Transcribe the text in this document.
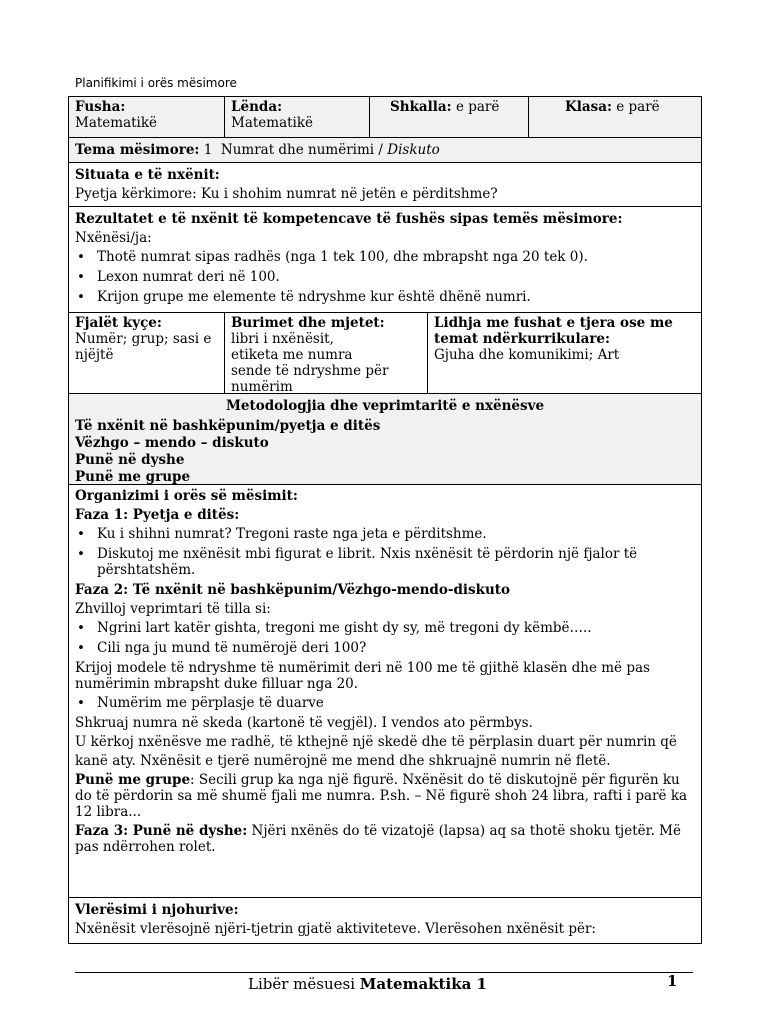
Planifikimi i orës mësimore
Fusha:
Matematikë
Lënda:
Matematikë
Shkalla: e parë	Klasa: e parë

Tema mësimore: 1 Numrat dhe numërimi / Diskuto

Situata e të nxënit:

Pyetja kërkimore: Ku i shohim numrat në jetën e përditshme?

Rezultatet e të nxënit të kompetencave të fushës sipas temës mësimore:

Nxënësi/ja:

• Thotë numrat sipas radhës (nga 1 tek 100, dhe mbrapsht nga 20 tek 0).
• Lexon numrat deri në 100.
• Krijon grupe me elemente të ndryshme kur është dhënë numri.
Fjalët kyçe:
Numër; grup; sasi e njëjtë
Burimet dhe mjetet:
libri i nxënësit,
etiketa me numra
sende të ndryshme për numërim
Lidhja me fushat e tjera ose me temat ndërkurrikulare:
Gjuha dhe komunikimi; Art

Metodologjia dhe veprimtaritë e nxënësve

Të nxënit në bashkëpunim/pyetja e ditës

Vëzhgo – mendo – diskuto

Punë në dyshe

Punë me grupe

Organizimi i orës së mësimit:

Faza 1: Pyetja e ditës:

• Ku i shihni numrat? Tregoni raste nga jeta e përditshme.
• Diskutoj me nxënësit mbi figurat e librit. Nxis nxënësit të përdorin një fjalor të përshtatshëm.

Faza 2: Të nxënit në bashkëpunim/Vëzhgo-mendo-diskuto

Zhvilloj veprimtari të tilla si:

• Ngrini lart katër gishta, tregoni me gisht dy sy, më tregoni dy këmbë…..
• Cili nga ju mund të numërojë deri 100?

Krijoj modele të ndryshme të numërimit deri në 100 me të gjithë klasën dhe më pas numërimin mbrapsht duke filluar nga 20.

• Numërim me përplasje të duarve

Shkruaj numra në skeda (kartonë të vegjël). I vendos ato përmbys.

U kërkoj nxënësve me radhë, të kthejnë një skedë dhe të përplasin duart për numrin që

kanë aty. Nxënësit e tjerë numërojnë me mend dhe shkruajnë numrin në fletë.

Punë me grupe: Secili grup ka nga një figurë. Nxënësit do të diskutojnë për figurën ku do të përdorin sa më shumë fjali me numra. P.sh. – Në figurë shoh 24 libra, rafti i parë ka 12 libra...

Faza 3: Punë në dyshe: Njëri nxënës do të vizatojë (lapsa) aq sa thotë shoku tjetër. Më pas ndërrohen rolet.

Vlerësimi i njohurive:

Nxënësit vlerësojnë njëri-tjetrin gjatë aktiviteteve. Vlerësohen nxënësit për:

Libër mësuesi Matemaktika 1	1
